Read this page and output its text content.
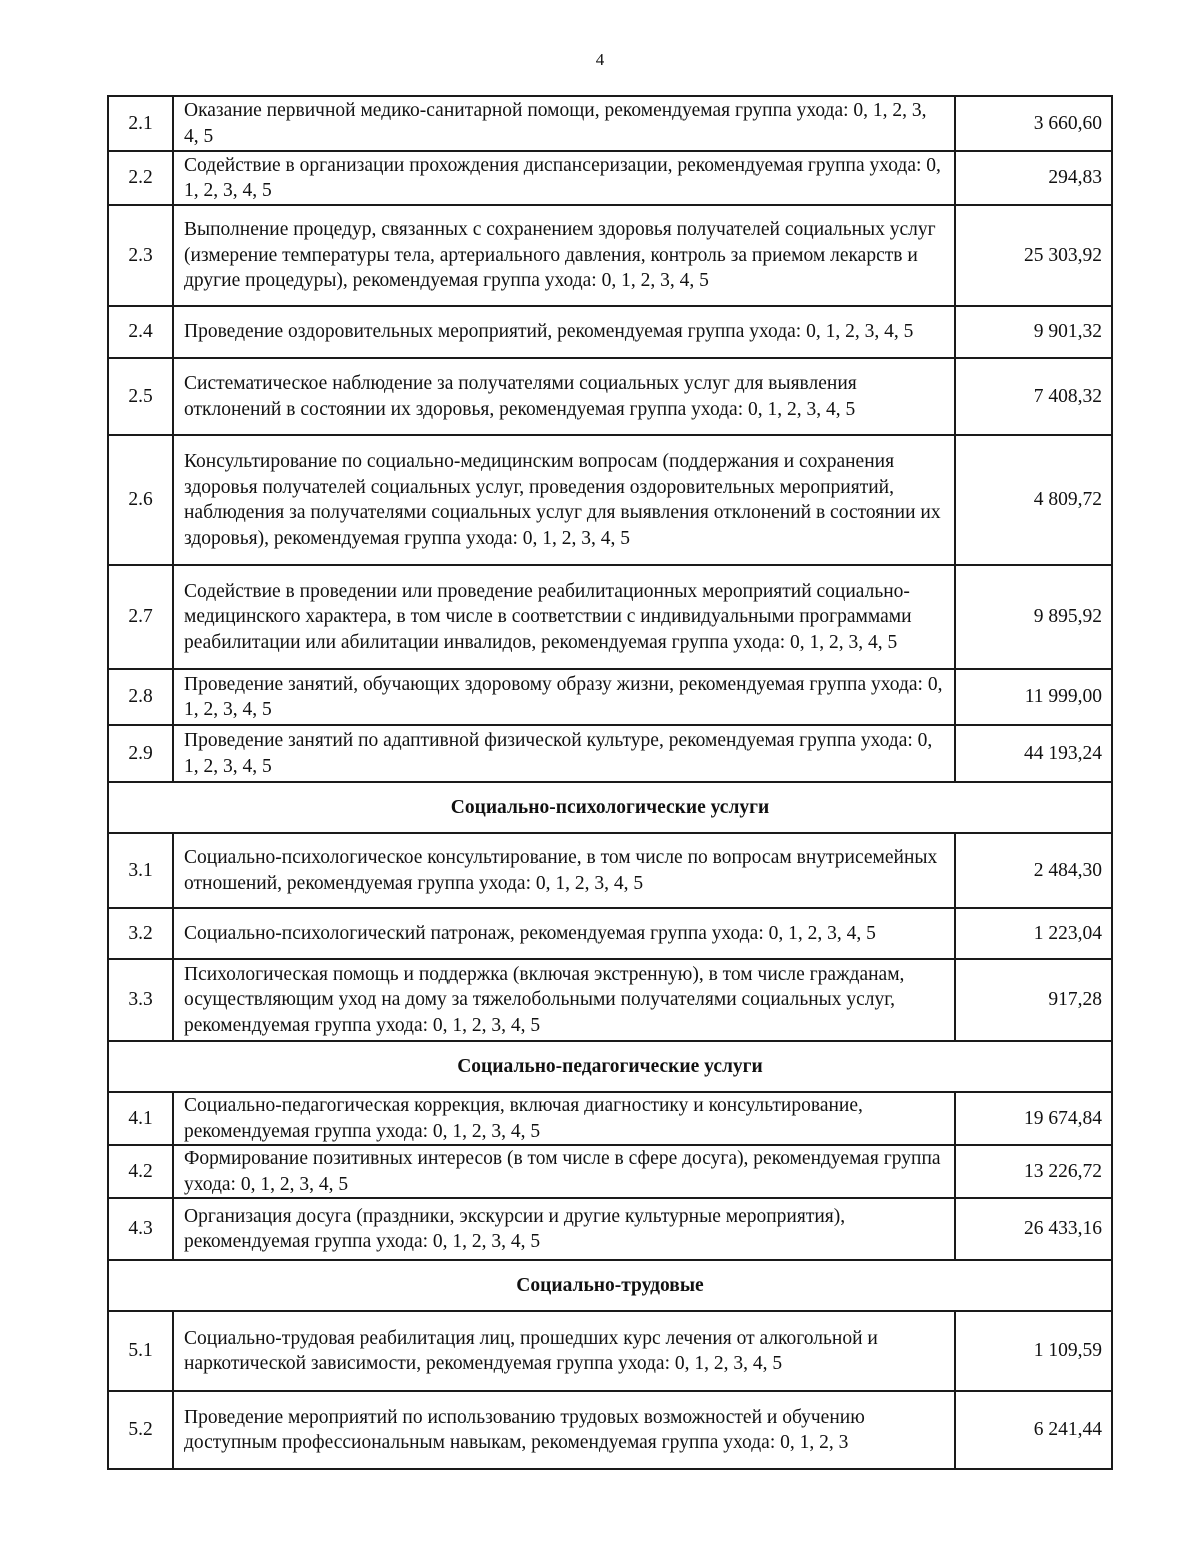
4
2.1	Оказание первичной медико-санитарной помощи, рекомендуемая группа ухода: 0, 1, 2, 3, 4, 5	3 660,60
2.2	Содействие в организации прохождения диспансеризации, рекомендуемая группа ухода: 0, 1, 2, 3, 4, 5	294,83
2.3	Выполнение процедур, связанных с сохранением здоровья получателей социальных услуг (измерение температуры тела, артериального давления, контроль за приемом лекарств и другие процедуры), рекомендуемая группа ухода: 0, 1, 2, 3, 4, 5	25 303,92
2.4	Проведение оздоровительных мероприятий, рекомендуемая группа ухода: 0, 1, 2, 3, 4, 5	9 901,32
2.5	Систематическое наблюдение за получателями социальных услуг для выявления отклонений в состоянии их здоровья, рекомендуемая группа ухода: 0, 1, 2, 3, 4, 5	7 408,32
2.6	Консультирование по социально-медицинским вопросам (поддержания и сохранения здоровья получателей социальных услуг, проведения оздоровительных мероприятий, наблюдения за получателями социальных услуг для выявления отклонений в состоянии их здоровья), рекомендуемая группа ухода: 0, 1, 2, 3, 4, 5	4 809,72
2.7	Содействие в проведении или проведение реабилитационных мероприятий социально-медицинского характера, в том числе в соответствии с индивидуальными программами реабилитации или абилитации инвалидов, рекомендуемая группа ухода: 0, 1, 2, 3, 4, 5	9 895,92
2.8	Проведение занятий, обучающих здоровому образу жизни, рекомендуемая группа ухода: 0, 1, 2, 3, 4, 5	11 999,00
2.9	Проведение занятий по адаптивной физической культуре, рекомендуемая группа ухода: 0, 1, 2, 3, 4, 5	44 193,24
Социально-психологические услуги		
3.1	Социально-психологическое консультирование, в том числе по вопросам внутрисемейных отношений, рекомендуемая группа ухода: 0, 1, 2, 3, 4, 5	2 484,30
3.2	Социально-психологический патронаж, рекомендуемая группа ухода: 0, 1, 2, 3, 4, 5	1 223,04
3.3	Психологическая помощь и поддержка (включая экстренную), в том числе гражданам, осуществляющим уход на дому за тяжелобольными получателями социальных услуг, рекомендуемая группа ухода: 0, 1, 2, 3, 4, 5	917,28
Социально-педагогические услуги		
4.1	Социально-педагогическая коррекция, включая диагностику и консультирование, рекомендуемая группа ухода: 0, 1, 2, 3, 4, 5	19 674,84
4.2	Формирование позитивных интересов (в том числе в сфере досуга), рекомендуемая группа ухода: 0, 1, 2, 3, 4, 5	13 226,72
4.3	Организация досуга (праздники, экскурсии и другие культурные мероприятия), рекомендуемая группа ухода: 0, 1, 2, 3, 4, 5	26 433,16
Социально-трудовые		
5.1	Социально-трудовая реабилитация лиц, прошедших курс лечения от алкогольной и наркотической зависимости, рекомендуемая группа ухода: 0, 1, 2, 3, 4, 5	1 109,59
5.2	Проведение мероприятий по использованию трудовых возможностей и обучению доступным профессиональным навыкам, рекомендуемая группа ухода: 0, 1, 2, 3	6 241,44
